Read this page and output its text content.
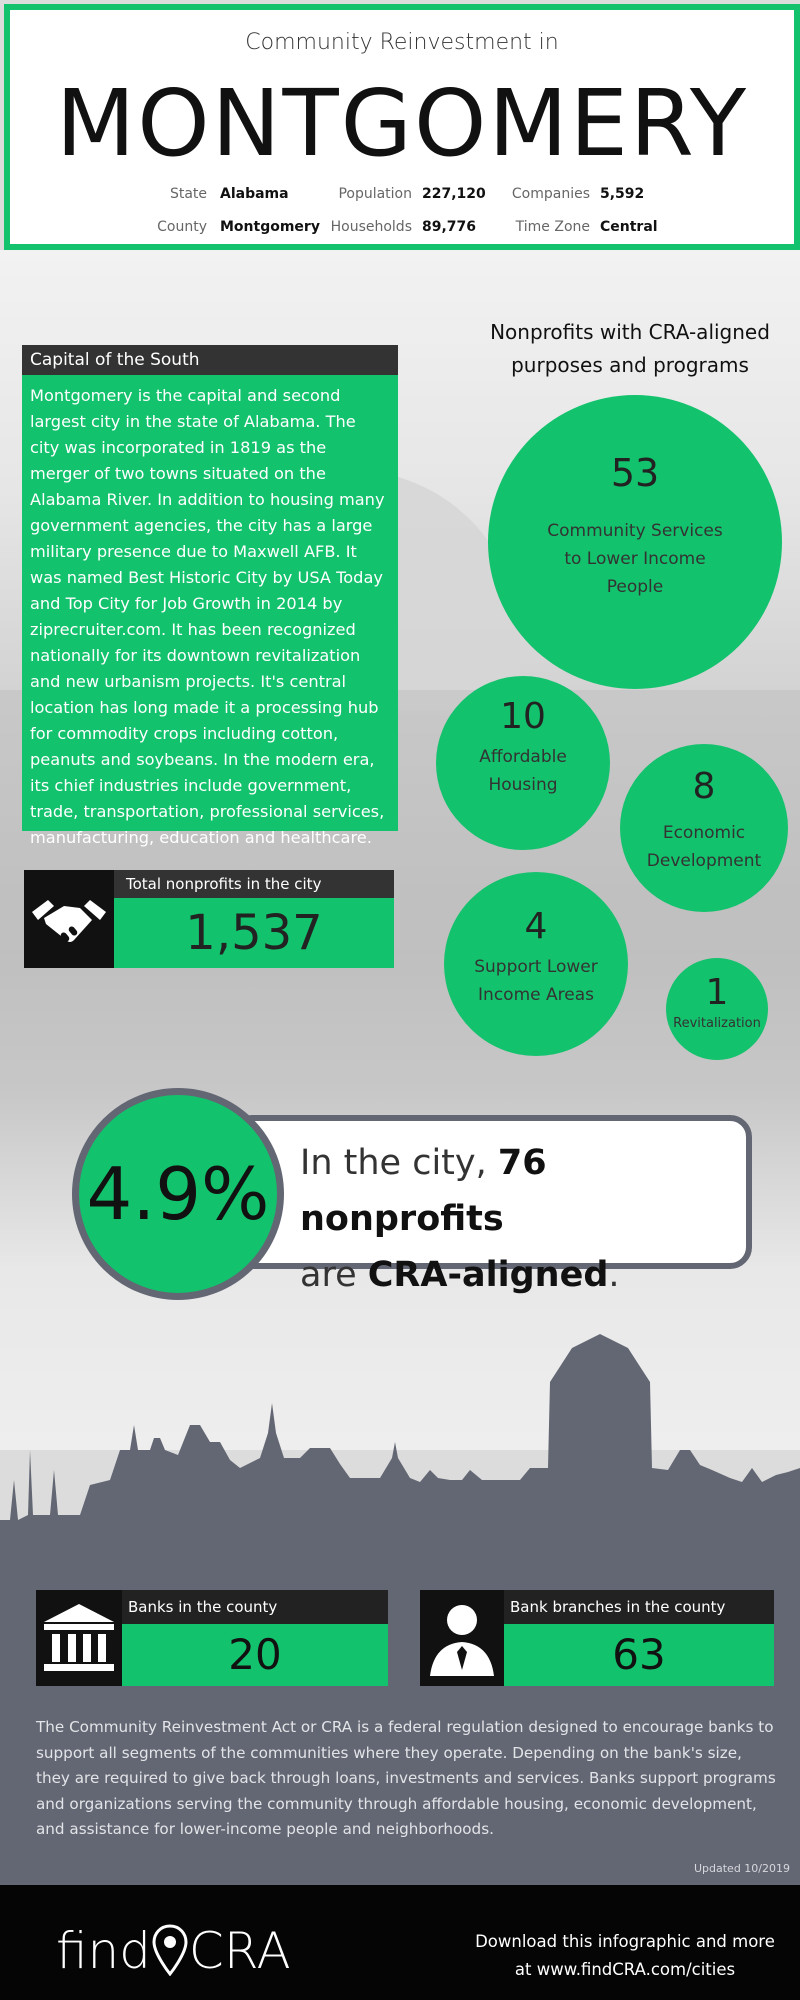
Community Reinvestment in
MONTGOMERY
State Alabama
County Montgomery
Population 227,120
Households 89,776
Companies 5,592
Time Zone Central
Capital of the South
Montgomery is the capital and second largest city in the state of Alabama. The city was incorporated in 1819 as the merger of two towns situated on the Alabama River. In addition to housing many government agencies, the city has a large military presence due to Maxwell AFB. It was named Best Historic City by USA Today and Top City for Job Growth in 2014 by ziprecruiter.com. It has been recognized nationally for its downtown revitalization and new urbanism projects. It's central location has long made it a processing hub for commodity crops including cotton, peanuts and soybeans. In the modern era, its chief industries include government, trade, transportation, professional services, manufacturing, education and healthcare.
Total nonprofits in the city
1,537
Nonprofits with CRA-aligned purposes and programs
53
Community Services to Lower Income People
10
Affordable Housing	8
Economic Development
4
Support Lower Income Areas	1
Revitalization
4.9% In the city, 76 nonprofits
are CRA-aligned.
Banks in the county
20
Bank branches in the county
63
The Community Reinvestment Act or CRA is a federal regulation designed to encourage banks to support all segments of the communities where they operate. Depending on the bank's size, they are required to give back through loans, investments and services. Banks support programs and organizations serving the community through affordable housing, economic development, and assistance for lower-income people and neighborhoods.
Updated 10/2019
find CRA	Download this infographic and more
at www.findCRA.com/cities
